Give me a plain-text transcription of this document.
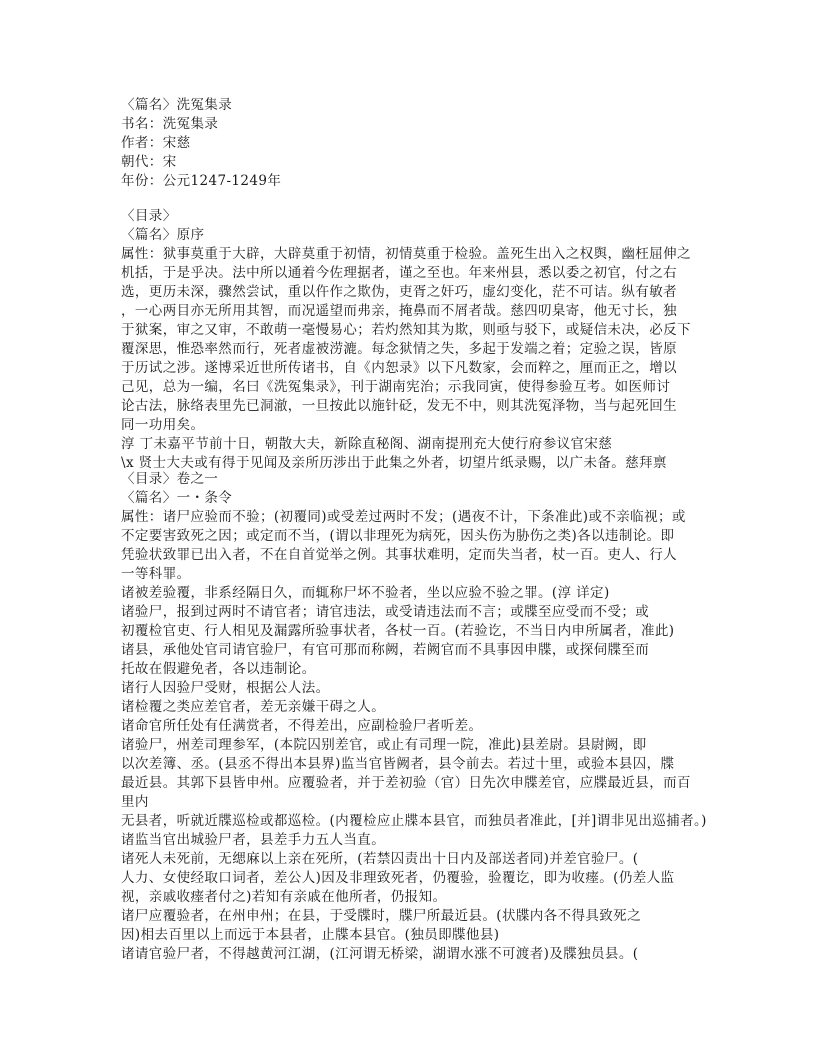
〈篇名〉洗冤集录
书名：洗冤集录
作者：宋慈
朝代：宋
年份：公元1247-1249年
〈目录〉
〈篇名〉原序
属性：狱事莫重于大辟，大辟莫重于初情，初情莫重于检验。盖死生出入之权舆，幽枉屈伸之
机括，于是乎决。法中所以通着今佐理据者，谨之至也。年来州县，悉以委之初官，付之右
选，更历未深，骤然尝试，重以仵作之欺伪，吏胥之奸巧，虚幻变化，茫不可诘。纵有敏者
，一心两目亦无所用其智，而况遥望而弗亲，掩鼻而不屑者哉。慈四叨臬寄，他无寸长，独
于狱案，审之又审，不敢萌一毫慢易心；若灼然知其为欺，则亟与驳下，或疑信未决，必反下
覆深思，惟恐率然而行，死者虚被涝漉。每念狱情之失，多起于发端之着；定验之误，皆原
于历试之涉。遂博采近世所传诸书，自《内恕录》以下凡数家，会而粹之，厘而正之，增以
己见，总为一编，名曰《洗冤集录》，刊于湖南宪治；示我同寅，使得参验互考。如医师讨
论古法，脉络表里先已洞澈，一旦按此以施针砭，发无不中，则其洗冤泽物，当与起死回生
同一功用矣。
淳 丁未嘉平节前十日，朝散大夫，新除直秘阁、湖南提刑充大使行府参议官宋慈
\x 贤士大夫或有得于见闻及亲所历涉出于此集之外者，切望片纸录赐，以广未备。慈拜禀
〈目录〉卷之一
〈篇名〉一・条令
属性：诸尸应验而不验；(初覆同)或受差过两时不发；(遇夜不计，下条准此)或不亲临视；或
不定要害致死之因；或定而不当，(谓以非理死为病死，因头伤为胁伤之类)各以违制论。即
凭验状致罪已出入者，不在自首觉举之例。其事状难明，定而失当者，杖一百。吏人、行人
一等科罪。
诸被差验覆，非系经隔日久，而辄称尸坏不验者，坐以应验不验之罪。(淳 详定)
诸验尸，报到过两时不请官者；请官违法，或受请违法而不言；或牒至应受而不受；或
初覆检官吏、行人相见及漏露所验事状者，各杖一百。(若验讫，不当日内申所属者，准此)
诸县，承他处官司请官验尸，有官可那而称阙，若阙官而不具事因申牒，或探伺牒至而
托故在假避免者，各以违制论。
诸行人因验尸受财，根据公人法。
诸检覆之类应差官者，差无亲嫌干碍之人。
诸命官所任处有任满赏者，不得差出，应副检验尸者听差。
诸验尸，州差司理参军，(本院囚别差官，或止有司理一院，准此)县差尉。县尉阙，即
以次差簿、丞。(县丞不得出本县界)监当官皆阙者，县令前去。若过十里，或验本县囚，牒
最近县。其郭下县皆申州。应覆验者，并于差初验（官）日先次申牒差官，应牒最近县，而百
里内
无县者，听就近牒巡检或都巡检。(内覆检应止牒本县官，而独员者准此，[并]谓非见出巡捕者。)
诸监当官出城验尸者，县差手力五人当直。
诸死人未死前，无缌麻以上亲在死所，(若禁囚责出十日内及部送者同)并差官验尸。(
人力、女使经取口词者，差公人)因及非理致死者，仍覆验，验覆讫，即为收瘗。(仍差人监
视，亲戚收瘗者付之)若知有亲戚在他所者，仍报知。
诸尸应覆验者，在州申州；在县，于受牒时，牒尸所最近县。(状牒内各不得具致死之
因)相去百里以上而远于本县者，止牒本县官。(独员即牒他县)
诸请官验尸者，不得越黄河江湖，(江河谓无桥梁，湖谓水涨不可渡者)及牒独员县。(
